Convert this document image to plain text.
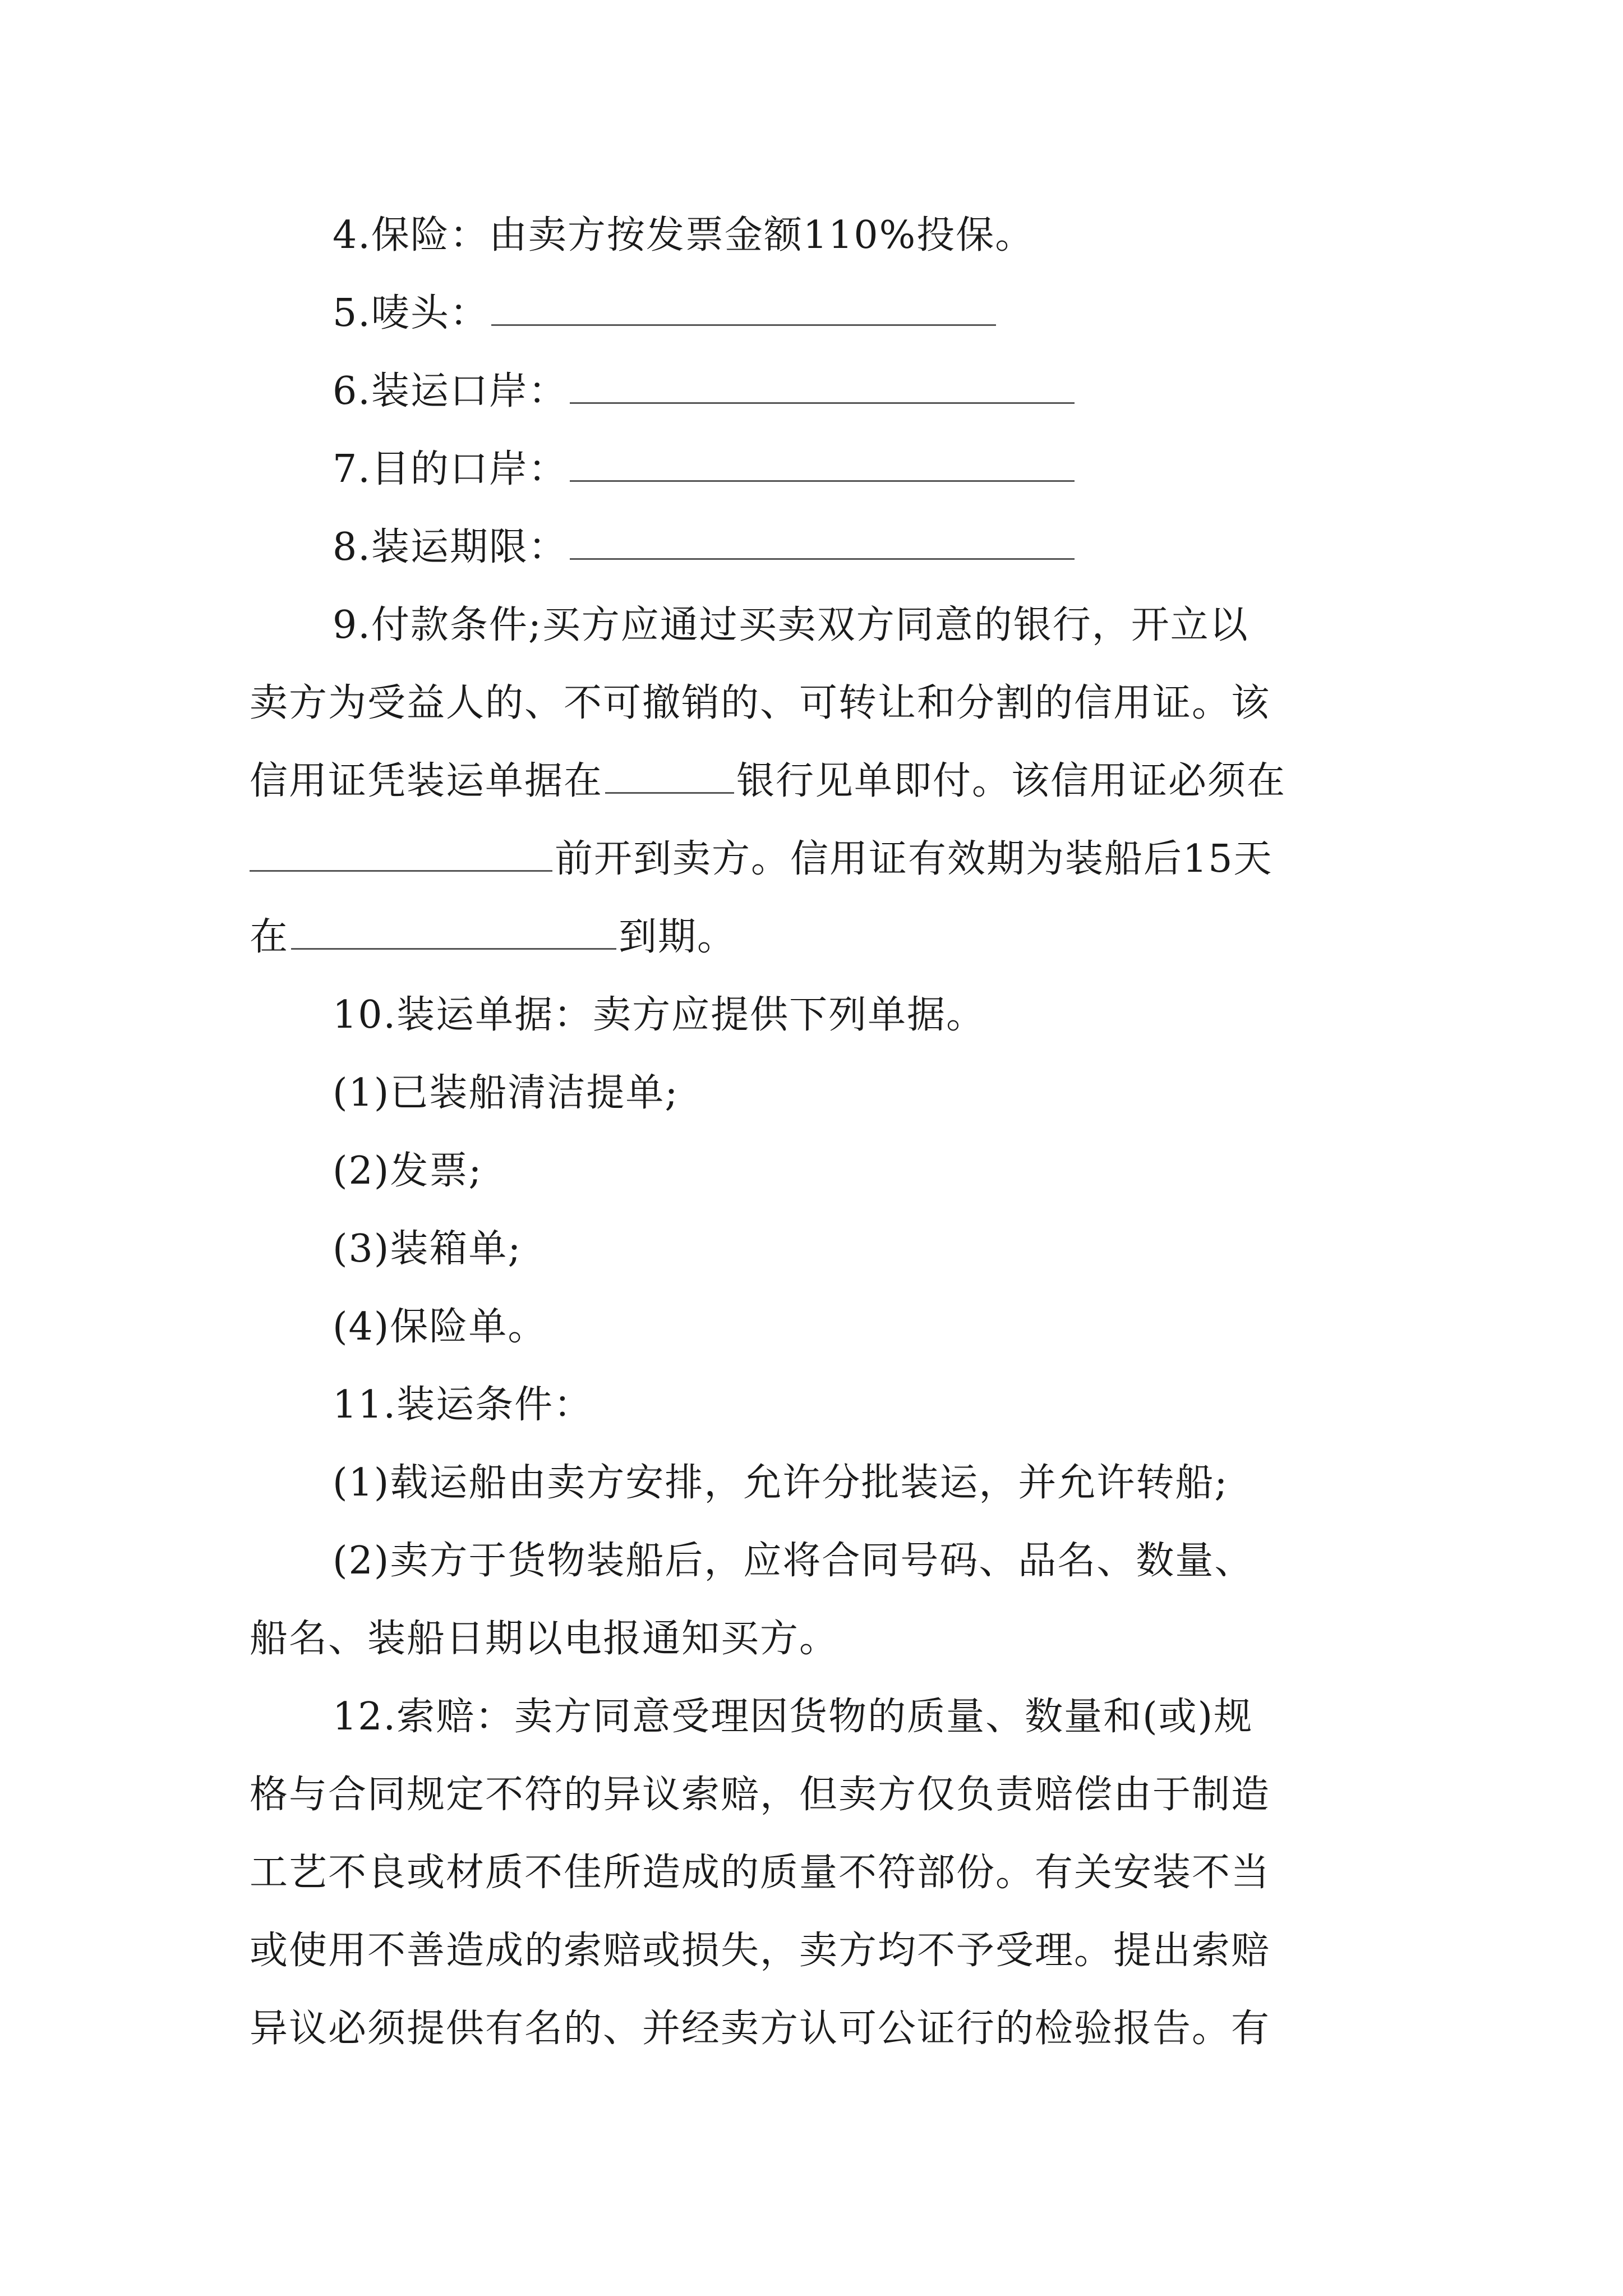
4.保险：由卖方按发票金额110%投保。
5.唛头：
6.装运口岸：
7.目的口岸：
8.装运期限：
9.付款条件;买方应通过买卖双方同意的银行，开立以
卖方为受益人的、不可撤销的、可转让和分割的信用证。该
信用证凭装运单据在	银行见单即付。该信用证必须在
前开到卖方。信用证有效期为装船后15天
在	到期。
10.装运单据：卖方应提供下列单据。
(1)已装船清洁提单;
(2)发票;
(3)装箱单;
(4)保险单。
11.装运条件：
(1)载运船由卖方安排，允许分批装运，并允许转船;
(2)卖方于货物装船后，应将合同号码、品名、数量、
船名、装船日期以电报通知买方。
12.索赔：卖方同意受理因货物的质量、数量和(或)规
格与合同规定不符的异议索赔，但卖方仅负责赔偿由于制造
工艺不良或材质不佳所造成的质量不符部份。有关安装不当
或使用不善造成的索赔或损失，卖方均不予受理。提出索赔
异议必须提供有名的、并经卖方认可公证行的检验报告。有
